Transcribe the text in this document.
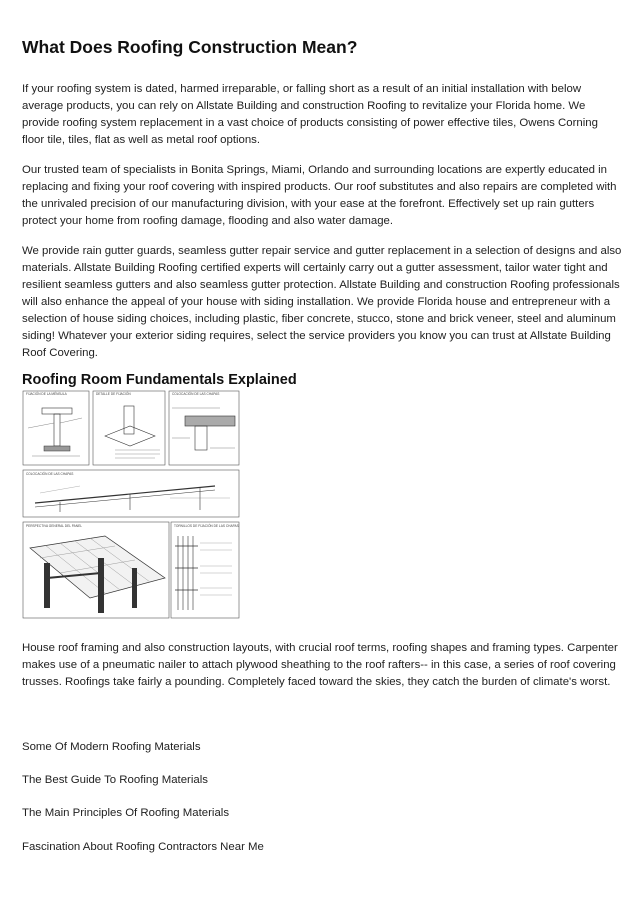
What Does Roofing Construction Mean?

If your roofing system is dated, harmed irreparable, or falling short as a result of an initial installation with below average products, you can rely on Allstate Building and construction Roofing to revitalize your Florida home. We provide roofing system replacement in a vast choice of products consisting of power effective tiles, Owens Corning floor tile, tiles, flat as well as metal roof options.

Our trusted team of specialists in Bonita Springs, Miami, Orlando and surrounding locations are expertly educated in replacing and fixing your roof covering with inspired products. Our roof substitutes and also repairs are completed with the unrivaled precision of our manufacturing division, with your ease at the forefront. Effectively set up rain gutters protect your home from roofing damage, flooding and also water damage.

We provide rain gutter guards, seamless gutter repair service and gutter replacement in a selection of designs and also materials. Allstate Building Roofing certified experts will certainly carry out a gutter assessment, tailor water tight and resilient seamless gutters and also seamless gutter protection. Allstate Building and construction Roofing professionals will also enhance the appeal of your house with siding installation. We provide Florida house and entrepreneur with a selection of house siding choices, including plastic, fiber concrete, stucco, stone and brick veneer, steel and aluminum siding! Whatever your exterior siding requires, select the service providers you know you can trust at Allstate Building Roof Covering.

Roofing Room Fundamentals Explained
FIJACIÓN DE LA MÉNSULA	DETALLE DE FIJACIÓN	COLOCACIÓN DE LAS CHAPAS
COLOCACIÓN DE LAS CHAPAS
PERSPECTIVA GENERAL DEL PANEL	TORNILLOS DE FIJACIÓN DE LAS CHAPAS

House roof framing and also construction layouts, with crucial roof terms, roofing shapes and framing types. Carpenter makes use of a pneumatic nailer to attach plywood sheathing to the roof rafters-- in this case, a series of roof covering trusses. Roofings take fairly a pounding. Completely faced toward the skies, they catch the burden of climate's worst.

Some Of Modern Roofing Materials
The Best Guide To Roofing Materials
The Main Principles Of Roofing Materials
Fascination About Roofing Contractors Near Me
